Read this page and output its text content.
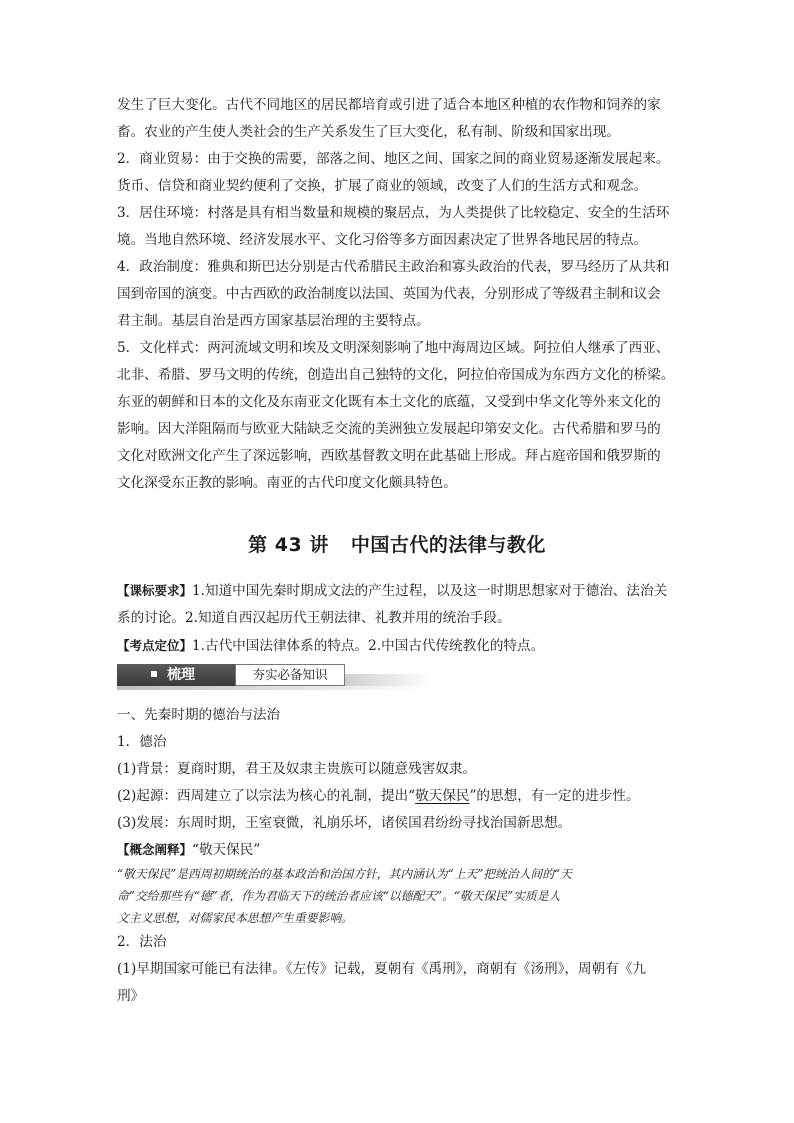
发生了巨大变化。古代不同地区的居民都培育或引进了适合本地区种植的农作物和饲养的家

畜。农业的产生使人类社会的生产关系发生了巨大变化，私有制、阶级和国家出现。

2．商业贸易：由于交换的需要，部落之间、地区之间、国家之间的商业贸易逐渐发展起来。

货币、信贷和商业契约便利了交换，扩展了商业的领域，改变了人们的生活方式和观念。

3．居住环境：村落是具有相当数量和规模的聚居点，为人类提供了比较稳定、安全的生活环

境。当地自然环境、经济发展水平、文化习俗等多方面因素决定了世界各地民居的特点。

4．政治制度：雅典和斯巴达分别是古代希腊民主政治和寡头政治的代表，罗马经历了从共和

国到帝国的演变。中古西欧的政治制度以法国、英国为代表，分别形成了等级君主制和议会

君主制。基层自治是西方国家基层治理的主要特点。

5．文化样式：两河流域文明和埃及文明深刻影响了地中海周边区域。阿拉伯人继承了西亚、

北非、希腊、罗马文明的传统，创造出自己独特的文化，阿拉伯帝国成为东西方文化的桥梁。

东亚的朝鲜和日本的文化及东南亚文化既有本土文化的底蕴，又受到中华文化等外来文化的

影响。因大洋阻隔而与欧亚大陆缺乏交流的美洲独立发展起印第安文化。古代希腊和罗马的

文化对欧洲文化产生了深远影响，西欧基督教文明在此基础上形成。拜占庭帝国和俄罗斯的

文化深受东正教的影响。南亚的古代印度文化颇具特色。

第 43 讲 中国古代的法律与教化

【课标要求】1.知道中国先秦时期成文法的产生过程，以及这一时期思想家对于德治、法治关

系的讨论。2.知道自西汉起历代王朝法律、礼教并用的统治手段。

【考点定位】1.古代中国法律体系的特点。2.中国古代传统教化的特点。

梳理	夯实必备知识

一、先秦时期的德治与法治

1．德治

(1)背景：夏商时期，君王及奴隶主贵族可以随意残害奴隶。

(2)起源：西周建立了以宗法为核心的礼制，提出“敬天保民”的思想，有一定的进步性。

(3)发展：东周时期，王室衰微，礼崩乐坏，诸侯国君纷纷寻找治国新思想。

【概念阐释】“敬天保民”

“敬天保民”是西周初期统治的基本政治和治国方针，其内涵认为“上天”把统治人间的“天

命”交给那些有“德”者，作为君临天下的统治者应该“以德配天”。“敬天保民”实质是人

文主义思想，对儒家民本思想产生重要影响。

2．法治

(1)早期国家可能已有法律。《左传》记载，夏朝有《禹刑》，商朝有《汤刑》，周朝有《九

刑》
